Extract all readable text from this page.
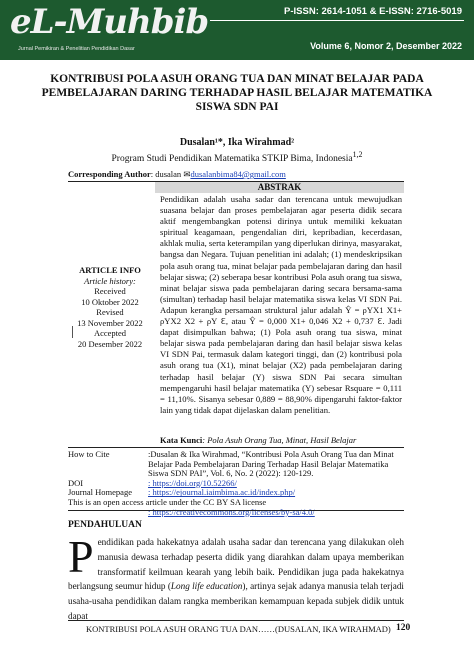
eL-Muhbib
Jurnal Pemikiran & Penelitian Pendidikan Dasar
P-ISSN: 2614-1051 & E-ISSN: 2716-5019
Volume 6, Nomor 2, Desember 2022
KONTRIBUSI POLA ASUH ORANG TUA DAN MINAT BELAJAR PADA PEMBELAJARAN DARING TERHADAP HASIL BELAJAR MATEMATIKA SISWA SDN PAI
Dusalan¹*, Ika Wirahmad²
Program Studi Pendidikan Matematika STKIP Bima, Indonesia$^{1,2}$
Corresponding Author: dusalan ✉dusalanbima84@gmail.com
ARTICLE INFO
Article history:
Received
10 Oktober 2022
Revised
13 November 2022
Accepted
20 Desember 2022
ABSTRAK
Pendidikan adalah usaha sadar dan terencana untuk mewujudkan suasana belajar dan proses pembelajaran agar peserta didik secara aktif mengembangkan potensi dirinya untuk memiliki kekuatan spiritual keagamaan, pengendalian diri, kepribadian, kecerdasan, akhlak mulia, serta keterampilan yang diperlukan dirinya, masyarakat, bangsa dan Negara. Tujuan penelitian ini adalah; (1) mendeskripsikan pola asuh orang tua, minat belajar pada pembelajaran daring dan hasil belajar siswa; (2) seberapa besar kontribusi Pola asuh orang tua siswa, minat belajar siswa pada pembelajaran daring secara bersama-sama (simultan) terhadap hasil belajar matematika siswa kelas VI SDN Pai. Adapun kerangka persamaan struktural jalur adalah Ŷ = ρYX1 X1+ ρYX2 X2 + ρY ℇ, atau Ŷ = 0,000 X1+ 0,046 X2 + 0,737 ℇ. Jadi dapat disimpulkan bahwa; (1) Pola asuh orang tua siswa, minat belajar siswa pada pembelajaran daring dan hasil belajar siswa kelas VI SDN Pai, termasuk dalam kategori tinggi, dan (2) kontribusi pola asuh orang tua (X1), minat belajar (X2) pada pembelajaran daring terhadap hasil belajar (Y) siswa SDN Pai secara simultan mempengaruhi hasil belajar matematika (Y) sebesar Rsquare = 0,111 = 11,10%. Sisanya sebesar 0,889 = 88,90% dipengaruhi faktor-faktor lain yang tidak dapat dijelaskan dalam penelitian.
Kata Kunci: Pola Asuh Orang Tua, Minat, Hasil Belajar
How to Cite	:Dusalan & Ika Wirahmad, “Kontribusi Pola Asuh Orang Tua dan Minat Belajar Pada Pembelajaran Daring Terhadap Hasil Belajar Matematika Siswa SDN PAI”, Vol. 6, No. 2 (2022): 120-129.
DOI	: https://doi.org/10.52266/
Journal Homepage	: https://ejournal.iaimbima.ac.id/index.php/
This is an open access article under the CC BY SA license
: https://creativecommons.org/licenses/by-sa/4.0/
PENDAHULUAN
Pendidikan pada hakekatnya adalah usaha sadar dan terencana yang dilakukan oleh manusia dewasa terhadap peserta didik yang diarahkan dalam upaya memberikan transformatif keilmuan kearah yang lebih baik. Pendidikan juga pada hakekatnya berlangsung seumur hidup (Long life education), artinya sejak adanya manusia telah terjadi usaha-usaha pendidikan dalam rangka memberikan kemampuan kepada subjek didik untuk dapat
KONTRIBUSI POLA ASUH ORANG TUA DAN……(DUSALAN, IKA WIRAHMAD) 120
